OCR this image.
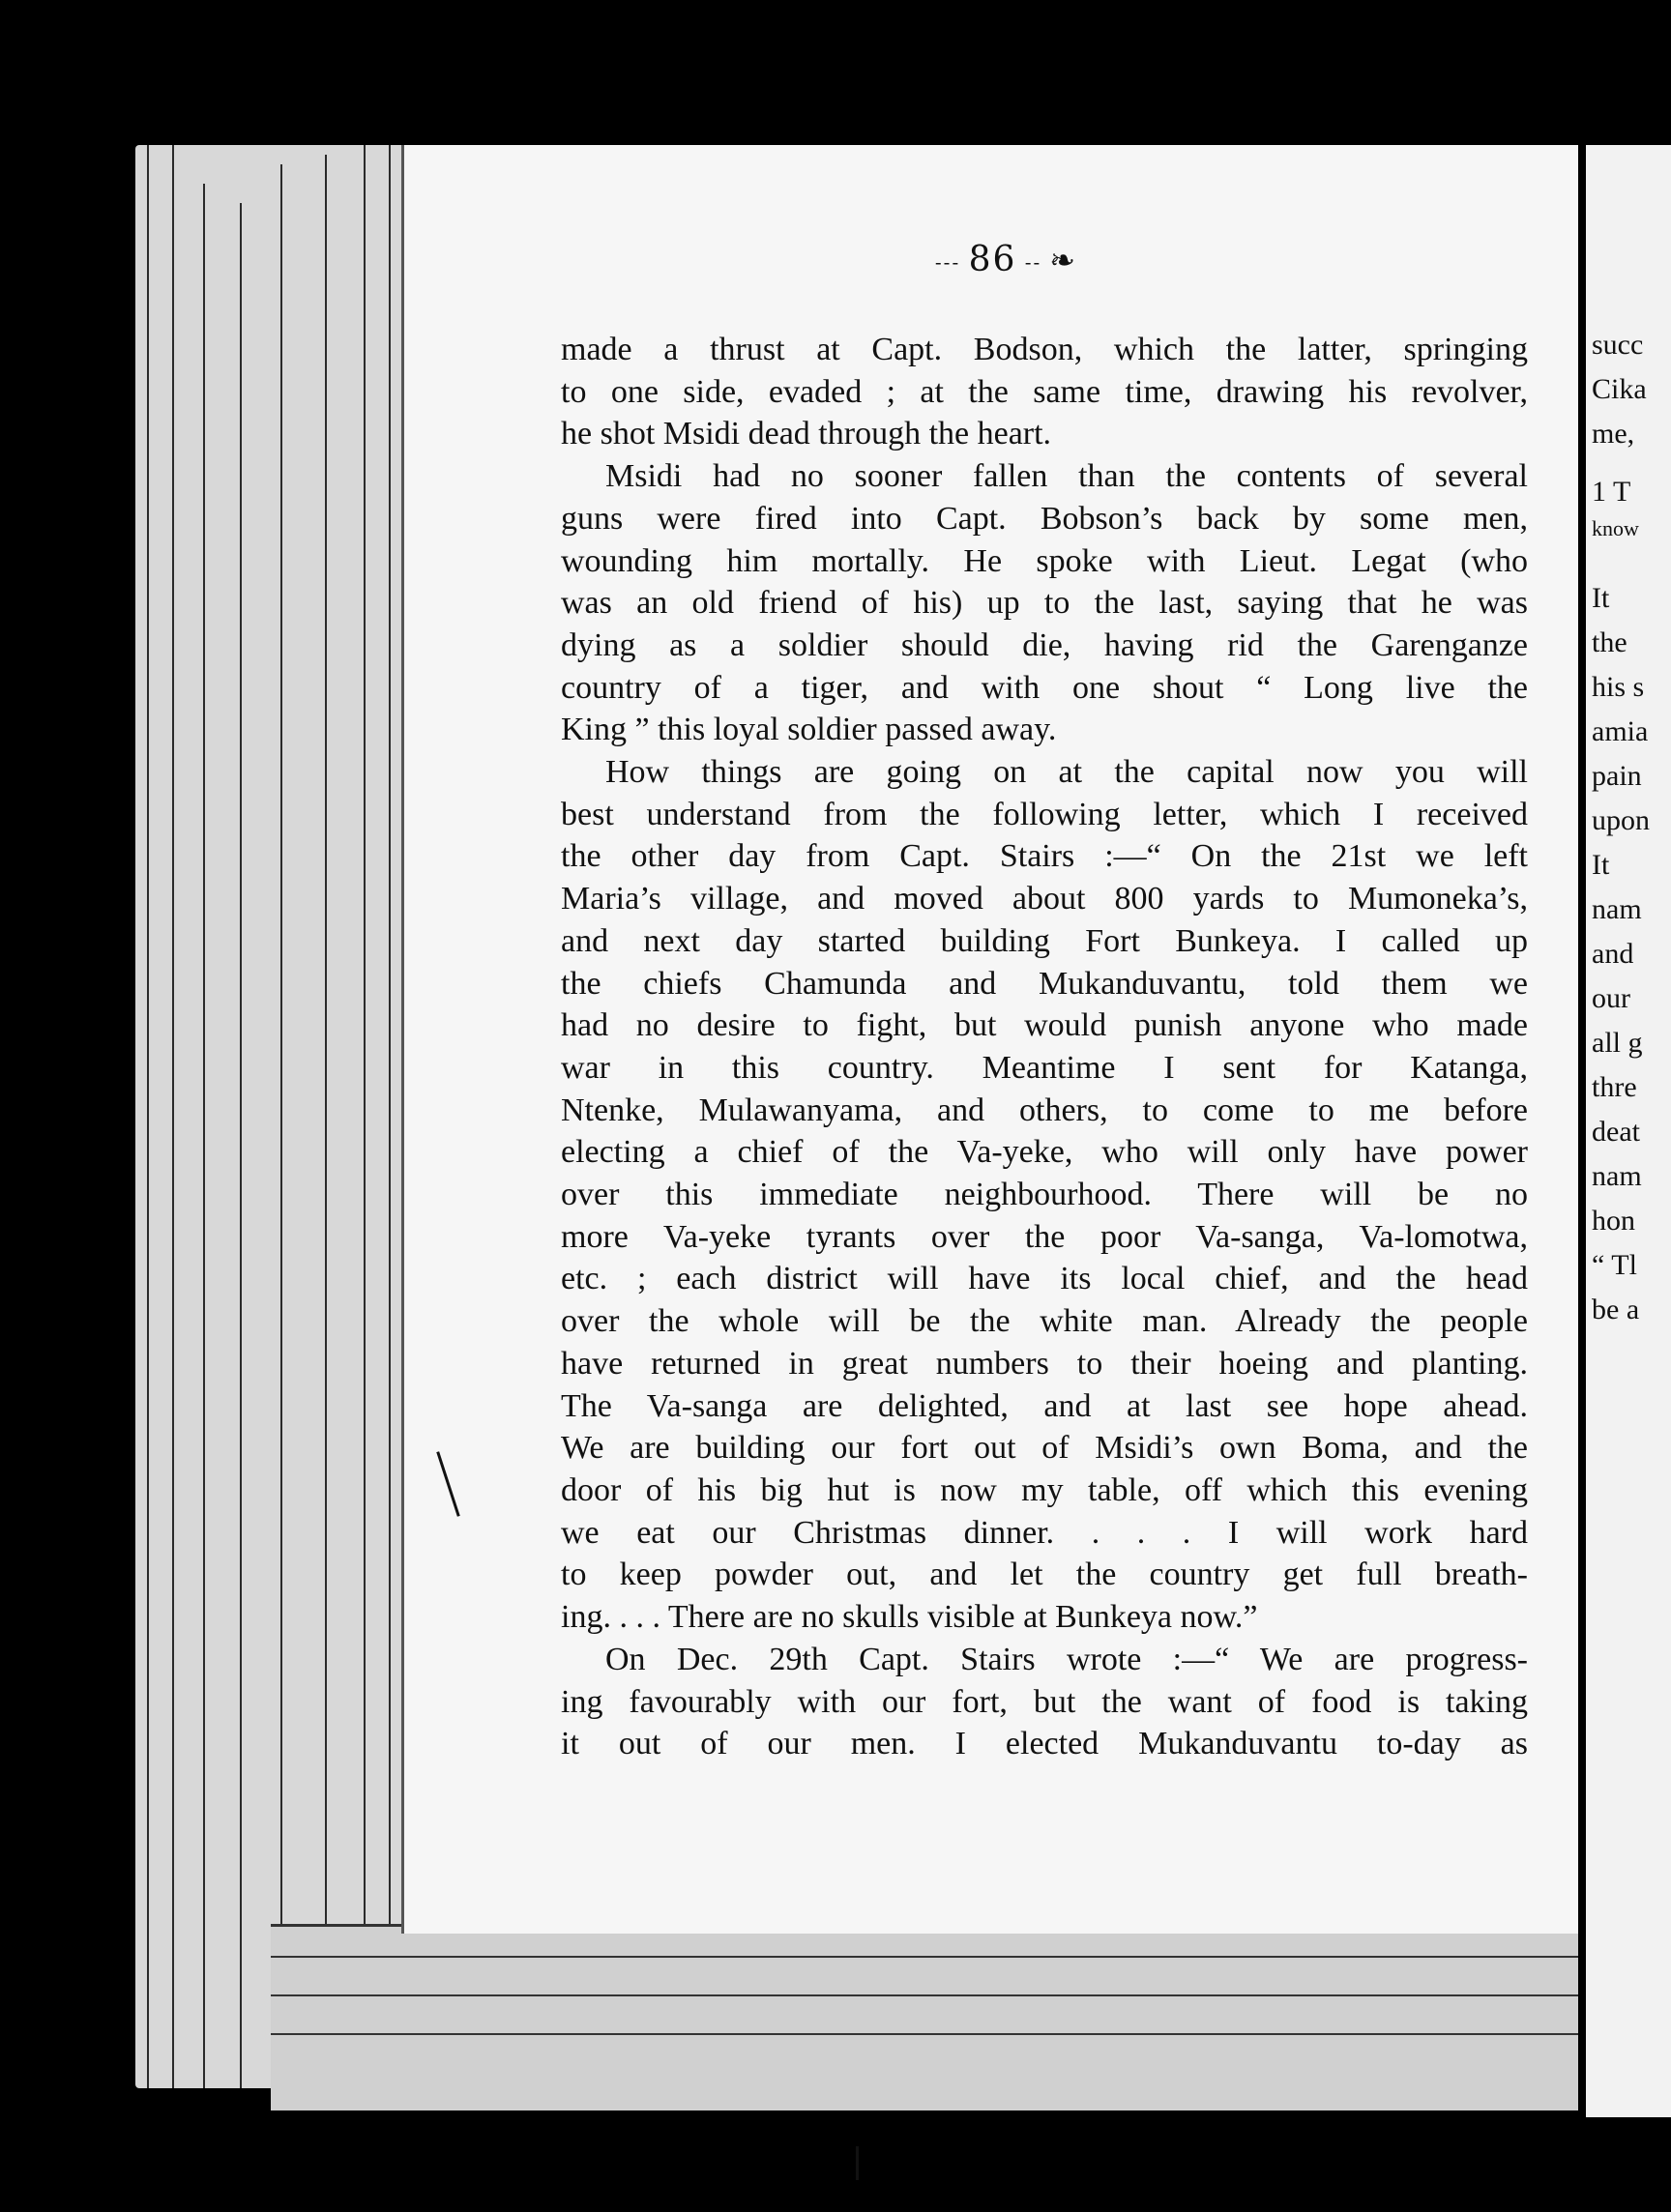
--- 86 -- ❧

made a thrust at Capt. Bodson, which the latter, springing
to one side, evaded ; at the same time, drawing his revolver,
he shot Msidi dead through the heart.

Msidi had no sooner fallen than the contents of several
guns were fired into Capt. Bobson’s back by some men,
wounding him mortally. He spoke with Lieut. Legat (who
was an old friend of his) up to the last, saying that he was
dying as a soldier should die, having rid the Garenganze
country of a tiger, and with one shout “ Long live the
King ” this loyal soldier passed away.

How things are going on at the capital now you will
best understand from the following letter, which I received
the other day from Capt. Stairs :—“ On the 21st we left
Maria’s village, and moved about 800 yards to Mumoneka’s,
and next day started building Fort Bunkeya. I called up
the chiefs Chamunda and Mukanduvantu, told them we
had no desire to fight, but would punish anyone who made
war in this country. Meantime I sent for Katanga,
Ntenke, Mulawanyama, and others, to come to me before
electing a chief of the Va-yeke, who will only have power
over this immediate neighbourhood. There will be no
more Va-yeke tyrants over the poor Va-sanga, Va-lomotwa,
etc. ; each district will have its local chief, and the head
over the whole will be the white man. Already the people
have returned in great numbers to their hoeing and planting.
The Va-sanga are delighted, and at last see hope ahead.
We are building our fort out of Msidi’s own Boma, and the
door of his big hut is now my table, off which this evening
we eat our Christmas dinner. . . . I will work hard
to keep powder out, and let the country get full breath-
ing. . . . There are no skulls visible at Bunkeya now.”

On Dec. 29th Capt. Stairs wrote :—“ We are progress-
ing favourably with our fort, but the want of food is taking
it out of our men. I elected Mukanduvantu to-day as

succ
Cika
me,
1 T
know
It
the
his s
amia
pain
upon
It
nam
and
our
all g
thre
deat
nam
hon
“ Tl
be a
